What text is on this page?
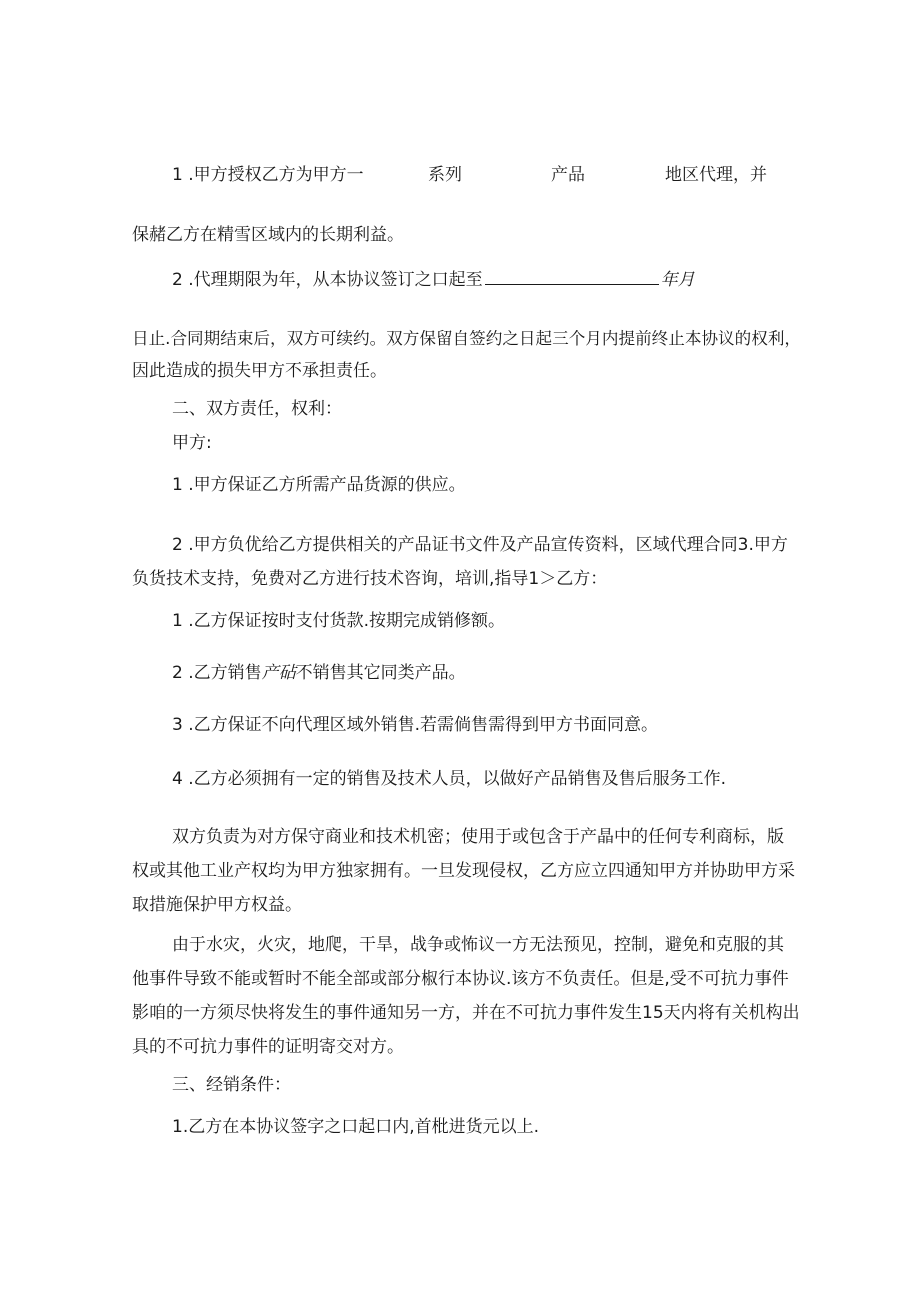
1 .甲方授权乙方为甲方一	系列	产品	地区代理，并

保赭乙方在精雪区域内的长期利益。

2 .代理期限为年，从本协议签订之口起至	年月

日止.合同期结束后，双方可续约。双方保留自签约之日起三个月内提前终止本协议的权利，

因此造成的损失甲方不承担责任。

二、双方责任，权利：

甲方:

1 .甲方保证乙方所需产品货源的供应。

2 .甲方负优给乙方提供相关的产品证书文件及产品宣传资料，区域代理合同3.甲方

负货技术支持，免费对乙方进行技术咨询，培训,指导1＞乙方：

1 .乙方保证按时支付货款.按期完成销修额。

2 .乙方销售产砧不销售其它同类产品。

3 .乙方保证不向代理区域外销售.若需倘售需得到甲方书面同意。

4 .乙方必须拥有一定的销售及技术人员，以做好产品销售及售后服务工作.

双方负责为对方保守商业和技术机密；使用于或包含于产晶中的任何专利商标，版

权或其他工业产权均为甲方独家拥有。一旦发现侵权，乙方应立四通知甲方并协助甲方采

取措施保护甲方权益。

由于水灾，火灾，地爬，干旱，战争或怖议一方无法预见，控制，避免和克服的其

他事件导致不能或暂时不能全部或部分椒行本协议.该方不负责任。但是,受不可抗力事件

影咱的一方须尽快将发生的事件通知另一方，并在不可抗力事件发生15天内将有关机构出

具的不可抗力事件的证明寄交对方。

三、经销条件：

1.乙方在本协议签字之口起口内,首枇进货元以上.
